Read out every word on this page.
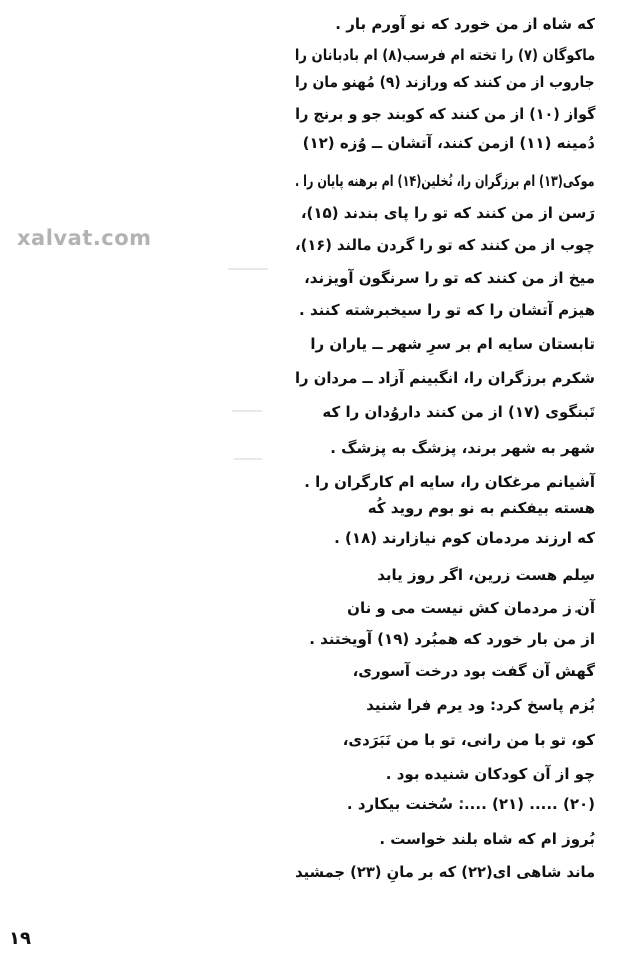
xalvat.com
که شاه از من خورد که نو آورم بار .
ماکوگان (۷) را تخته ام فرسب(۸) ام بادبانان را
جاروب از من کنند که ورازند (۹) مُهنو مان را
گواز (۱۰) از من کنند که کوبند جو و برنج را
دُمینه (۱۱) ازمن کنند، آتشان ــ وُزه (۱۲)
موکی(۱۳) ام برزگران را، نُخلین(۱۴) ام برهنه پایان را .
رَسن از من کنند که تو را پای بندند (۱۵)،
چوب از من کنند که تو را گردن مالند (۱۶)،
میخ از من کنند که تو را سرنگون آویزند،
هیزم آتشان را که تو را سیخبرشته کنند .
تابستان سایه ام بر سرِ شهر ــ یاران را
شکرم برزگران را، انگبینم آزاد ــ مردان را
تَبنگوی (۱۷) از من کنند داروُدان را که
شهر به شهر برند، پزشگ به پزشگ .
آشیانم مرغکان را، سایه ام کارگران را .
هسته بیفکنم به نو بوم روید کُه
که ارزند مردمان کوم نیازارند (۱۸) .
سِلم هست زرین، اگر روز یابد
آن ز مردمان کش نیست می و نان
از من بار خورد که همبُرد (۱۹) آویختند .
گهش آن گفت بود درخت آسوری،
بُزم پاسخ کرد: ود یرم فرا شنید
کو، تو با من رانی، تو با من نَبَرَدی،
چو از آن کودکان شنیده بود .
(۲۰) ..... (۲۱) ..... سُخنت بیکارد .
بُروز ام که شاه بلند خواست .
ماند شاهی ای(۲۲) که بر مانِ (۲۳) جمشید
۱۹
